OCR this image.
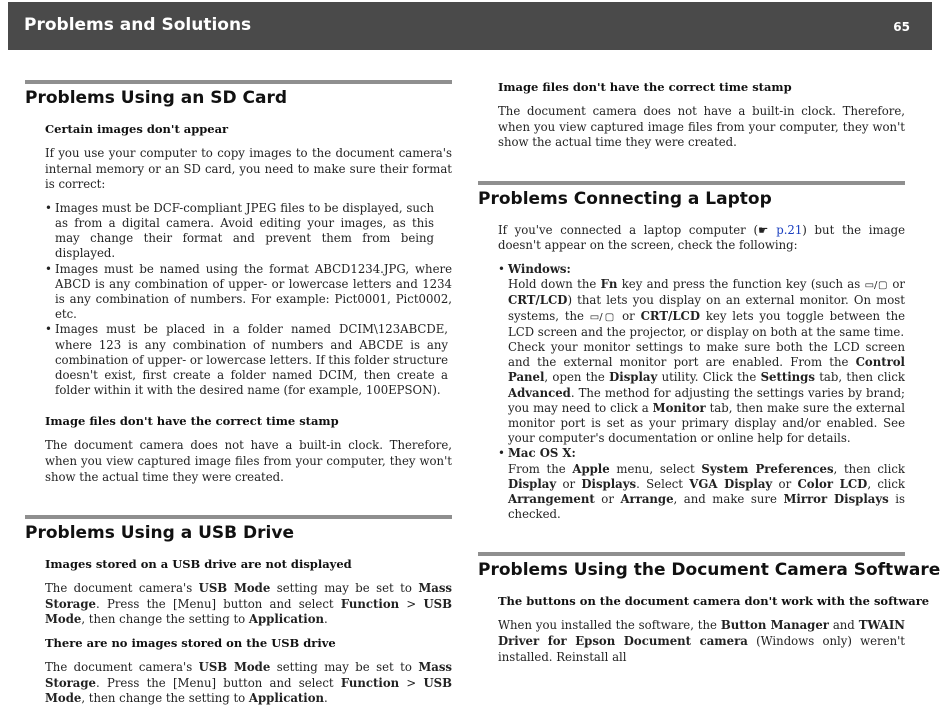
Problems and Solutions	65
Problems Using an SD Card
Certain images don't appear

If you use your computer to copy images to the document camera's internal memory or an SD card, you need to make sure their format is correct:

• Images must be DCF-compliant JPEG files to be displayed, such as from a digital camera. Avoid editing your images, as this may change their format and prevent them from being displayed.
• Images must be named using the format ABCD1234.JPG, where ABCD is any combination of upper- or lowercase letters and 1234 is any combination of numbers. For example: Pict0001, Pict0002, etc.
• Images must be placed in a folder named DCIM\123ABCDE, where 123 is any combination of numbers and ABCDE is any combination of upper- or lowercase letters. If this folder structure doesn't exist, first create a folder named DCIM, then create a folder within it with the desired name (for example, 100EPSON).
Image files don't have the correct time stamp

The document camera does not have a built-in clock. Therefore, when you view captured image files from your computer, they won't show the actual time they were created.

Problems Using a USB Drive
Images stored on a USB drive are not displayed

The document camera's USB Mode setting may be set to Mass Storage. Press the [Menu] button and select Function > USB Mode, then change the setting to Application.

There are no images stored on the USB drive

The document camera's USB Mode setting may be set to Mass Storage. Press the [Menu] button and select Function > USB Mode, then change the setting to Application.

Image files don't have the correct time stamp

The document camera does not have a built-in clock. Therefore, when you view captured image files from your computer, they won't show the actual time they were created.

Problems Connecting a Laptop

If you've connected a laptop computer (☛ p.21) but the image doesn't appear on the screen, check the following:

• Windows:
Hold down the Fn key and press the function key (such as ▭/▢ or CRT/LCD) that lets you display on an external monitor. On most systems, the ▭/▢ or CRT/LCD key lets you toggle between the LCD screen and the projector, or display on both at the same time.
Check your monitor settings to make sure both the LCD screen and the external monitor port are enabled. From the Control Panel, open the Display utility. Click the Settings tab, then click Advanced. The method for adjusting the settings varies by brand; you may need to click a Monitor tab, then make sure the external monitor port is set as your primary display and/or enabled. See your computer's documentation or online help for details.
• Mac OS X:
From the Apple menu, select System Preferences, then click Display or Displays. Select VGA Display or Color LCD, click Arrangement or Arrange, and make sure Mirror Displays is checked.
Problems Using the Document Camera Software
The buttons on the document camera don't work with the software

When you installed the software, the Button Manager and TWAIN Driver for Epson Document camera (Windows only) weren't installed. Reinstall all
